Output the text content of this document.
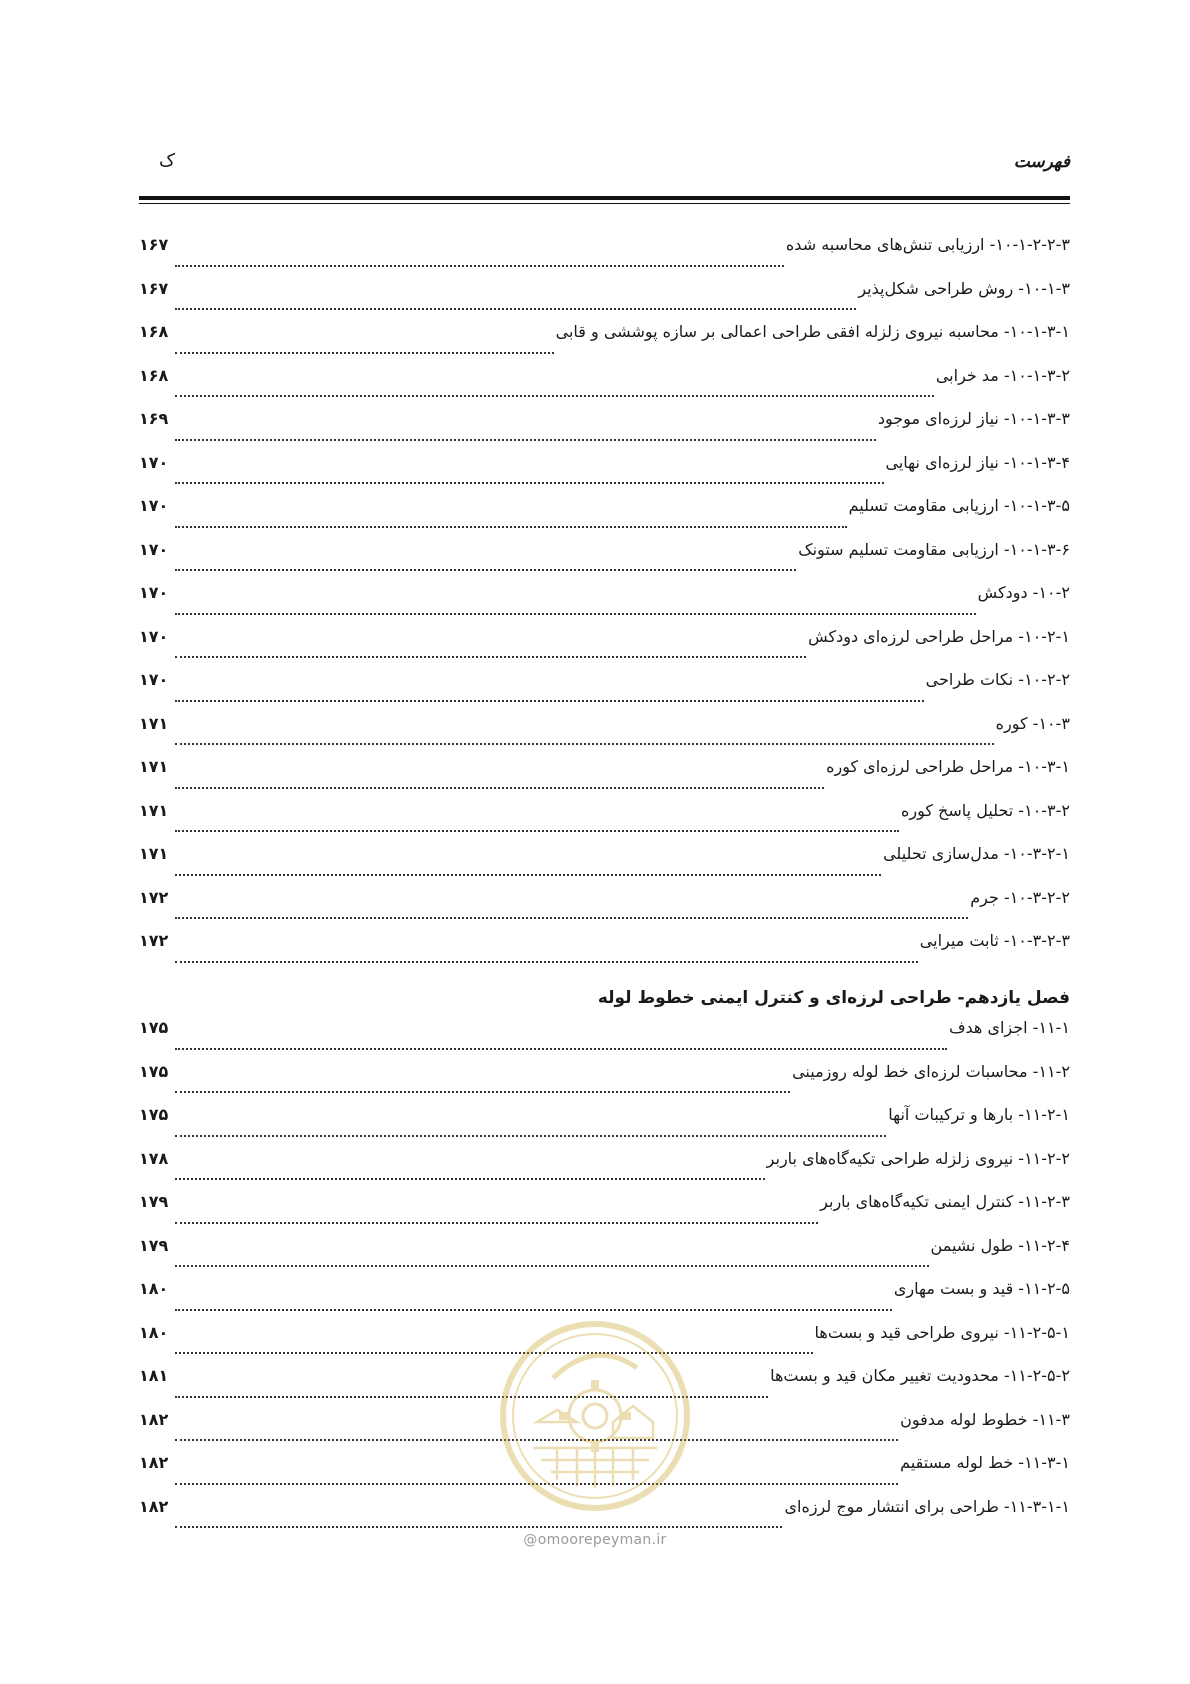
فهرست
ک
۱۰-۱-۲-۲-۳- ارزیابی تنش‌های محاسبه شده
۱۶۷
۱۰-۱-۳- روش طراحی شکل‌پذیر
۱۶۷
۱۰-۱-۳-۱- محاسبه نیروی زلزله افقی طراحی اعمالی بر سازه پوششی و قابی
۱۶۸
۱۰-۱-۳-۲- مد خرابی
۱۶۸
۱۰-۱-۳-۳- نیاز لرزه‌ای موجود
۱۶۹
۱۰-۱-۳-۴- نیاز لرزه‌ای نهایی
۱۷۰
۱۰-۱-۳-۵- ارزیابی مقاومت تسلیم
۱۷۰
۱۰-۱-۳-۶- ارزیابی مقاومت تسلیم ستونک
۱۷۰
۱۰-۲- دودکش
۱۷۰
۱۰-۲-۱- مراحل طراحی لرزه‌ای دودکش
۱۷۰
۱۰-۲-۲- نکات طراحی
۱۷۰
۱۰-۳- کوره
۱۷۱
۱۰-۳-۱- مراحل طراحی لرزه‌ای کوره
۱۷۱
۱۰-۳-۲- تحلیل پاسخ کوره
۱۷۱
۱۰-۳-۲-۱- مدل‌سازی تحلیلی
۱۷۱
۱۰-۳-۲-۲- جرم
۱۷۲
۱۰-۳-۲-۳- ثابت میرایی
۱۷۲
فصل یازدهم- طراحی لرزه‌ای و کنترل ایمنی خطوط لوله
۱۱-۱- اجزای هدف
۱۷۵
۱۱-۲- محاسبات لرزه‌ای خط لوله روزمینی
۱۷۵
۱۱-۲-۱- بارها و ترکیبات آنها
۱۷۵
۱۱-۲-۲- نیروی زلزله طراحی تکیه‌گاه‌های باربر
۱۷۸
۱۱-۲-۳- کنترل ایمنی تکیه‌گاه‌های باربر
۱۷۹
۱۱-۲-۴- طول نشیمن
۱۷۹
۱۱-۲-۵- قید و بست مهاری
۱۸۰
۱۱-۲-۵-۱- نیروی طراحی قید و بست‌ها
۱۸۰
۱۱-۲-۵-۲- محدودیت تغییر مکان قید و بست‌ها
۱۸۱
۱۱-۳- خطوط لوله مدفون
۱۸۲
۱۱-۳-۱- خط لوله مستقیم
۱۸۲
۱۱-۳-۱-۱- طراحی برای انتشار موج لرزه‌ای
۱۸۲
@omoorepeyman.ir
